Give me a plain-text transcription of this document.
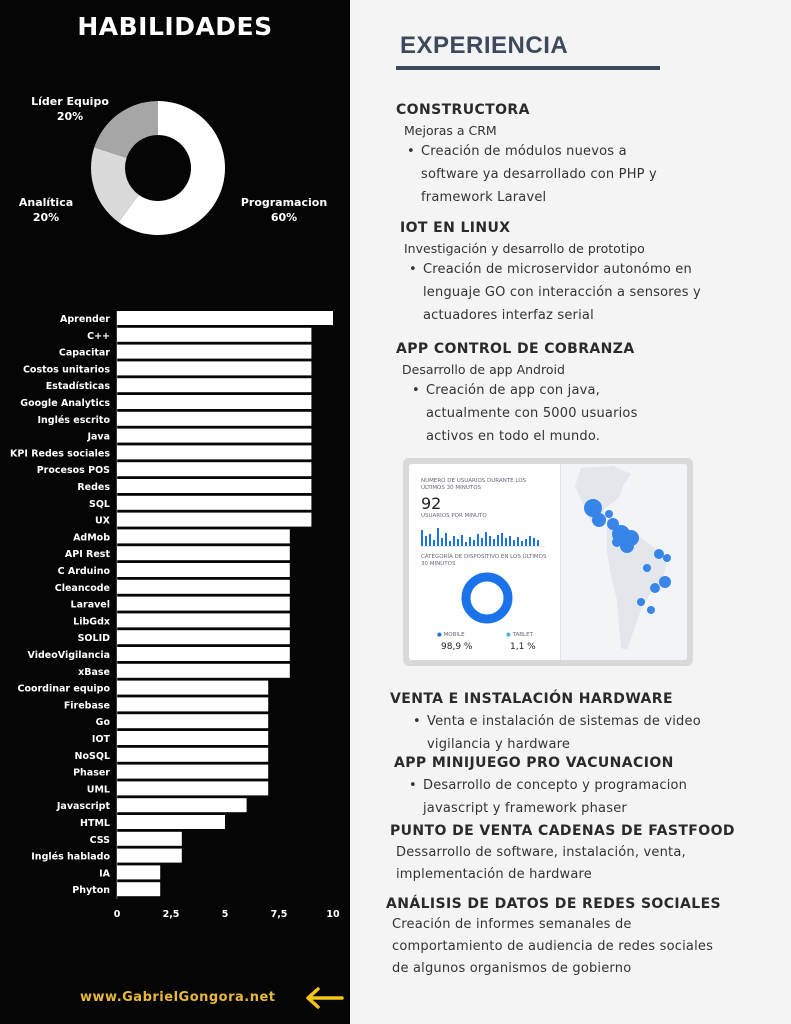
HABILIDADES
Líder Equipo
20%
Analítica
20%
Programacion
60%
Aprender
C++
Capacitar
Costos unitarios
Estadísticas
Google Analytics
Inglés escrito
Java
KPI Redes sociales
Procesos POS
Redes
SQL
UX
AdMob
API Rest
C Arduino
Cleancode
Laravel
LibGdx
SOLID
VideoVigilancia
xBase
Coordinar equipo
Firebase
Go
IOT
NoSQL
Phaser
UML
Javascript
HTML
CSS
Inglés hablado
IA
Phyton
0	2,5	5	7,5	10
www.GabrielGongora.net
EXPERIENCIA
CONSTRUCTORA
Mejoras a CRM
• Creación de módulos nuevos a
software ya desarrollado con PHP y
framework Laravel
IOT EN LINUX
Investigación y desarrollo de prototipo
• Creación de microservidor autonómo en
lenguaje GO con interacción a sensores y
actuadores interfaz serial
APP CONTROL DE COBRANZA
Desarrollo de app Android
• Creación de app con java,
actualmente con 5000 usuarios
activos en todo el mundo.
NÚMERO DE USUARIOS DURANTE LOS ÚLTIMOS 30 MINUTOS
92
USUARIOS POR MINUTO
CATEGORÍA DE DISPOSITIVO EN LOS ÚLTIMOS 30 MINUTOS
● MOBILE
98,9 %
● TABLET
1,1 %
VENTA E INSTALACIÓN HARDWARE
• Venta e instalación de sistemas de video
vigilancia y hardware
APP MINIJUEGO PRO VACUNACION
• Desarrollo de concepto y programacion
javascript y framework phaser
PUNTO DE VENTA CADENAS DE FASTFOOD
Dessarrollo de software, instalación, venta,
implementación de hardware
ANÁLISIS DE DATOS DE REDES SOCIALES
Creación de informes semanales de
comportamiento de audiencia de redes sociales
de algunos organismos de gobierno
